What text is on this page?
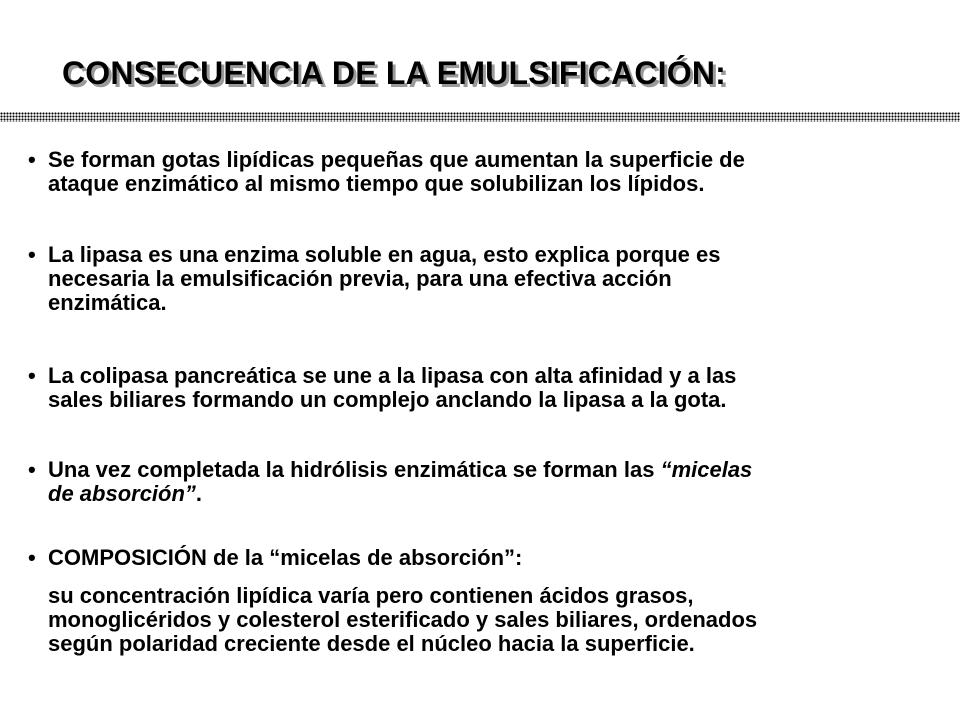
CONSECUENCIA DE LA EMULSIFICACIÓN:
• Se forman gotas lipídicas pequeñas que aumentan la superficie de
ataque enzimático al mismo tiempo que solubilizan los lípidos.

• La lipasa es una enzima soluble en agua, esto explica porque es
necesaria la emulsificación previa, para una efectiva acción
enzimática.

• La colipasa pancreática se une a la lipasa con alta afinidad y a las
sales biliares formando un complejo anclando la lipasa a la gota.

• Una vez completada la hidrólisis enzimática se forman las “micelas
de absorción”.

• COMPOSICIÓN de la “micelas de absorción”:

su concentración lipídica varía pero contienen ácidos grasos,
monoglicéridos y colesterol esterificado y sales biliares, ordenados
según polaridad creciente desde el núcleo hacia la superficie.
